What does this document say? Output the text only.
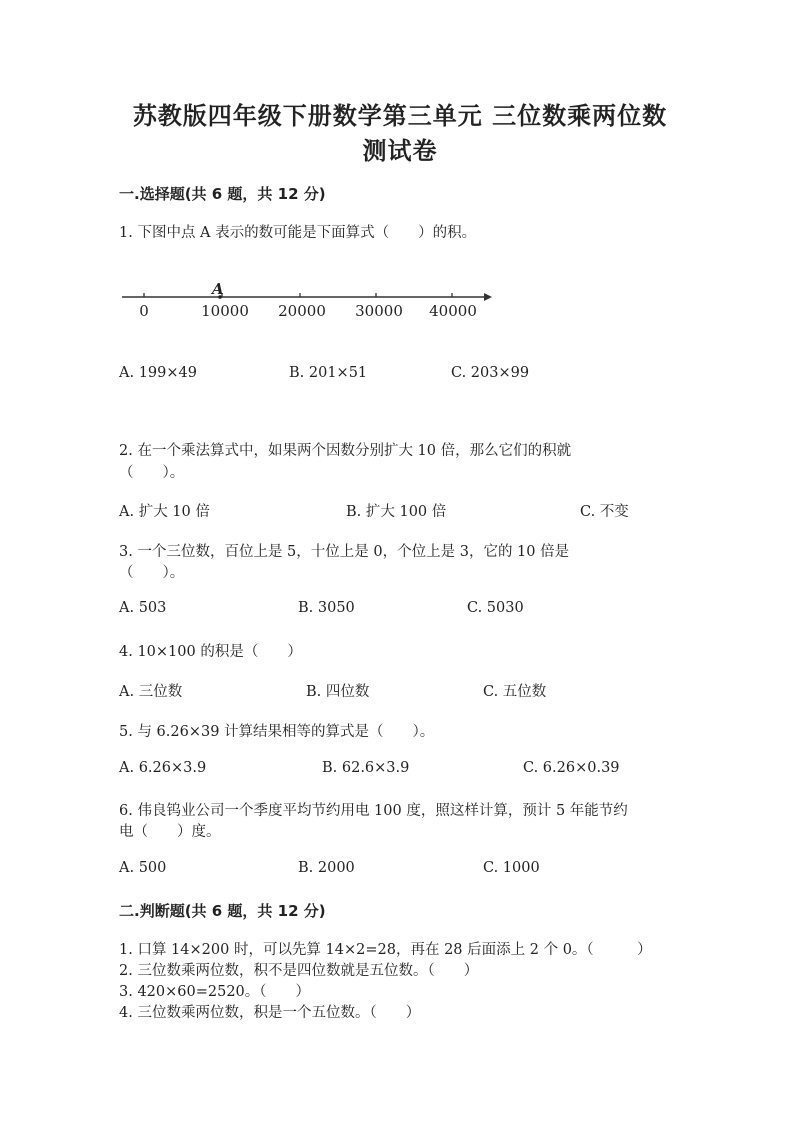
苏教版四年级下册数学第三单元 三位数乘两位数
测试卷
一.选择题(共 6 题，共 12 分)
1. 下图中点 A 表示的数可能是下面算式（　　）的积。
A
0	10000 20000 30000 40000
A. 199×49	B. 201×51	C. 203×99
2. 在一个乘法算式中，如果两个因数分别扩大 10 倍，那么它们的积就
（　　）。
A. 扩大 10 倍	B. 扩大 100 倍	C. 不变
3. 一个三位数，百位上是 5，十位上是 0，个位上是 3，它的 10 倍是
（　　）。
A. 503	B. 3050	C. 5030
4. 10×100 的积是（　　）
A. 三位数	B. 四位数	C. 五位数
5. 与 6.26×39 计算结果相等的算式是（　　）。
A. 6.26×3.9	B. 62.6×3.9	C. 6.26×0.39
6. 伟良钨业公司一个季度平均节约用电 100 度，照这样计算，预计 5 年能节约
电（　　）度。
A. 500	B. 2000	C. 1000
二.判断题(共 6 题，共 12 分)
1. 口算 14×200 时，可以先算 14×2=28，再在 28 后面添上 2 个 0。（　　　）
2. 三位数乘两位数，积不是四位数就是五位数。（　　）
3. 420×60=2520。（　　）
4. 三位数乘两位数，积是一个五位数。（　　）
